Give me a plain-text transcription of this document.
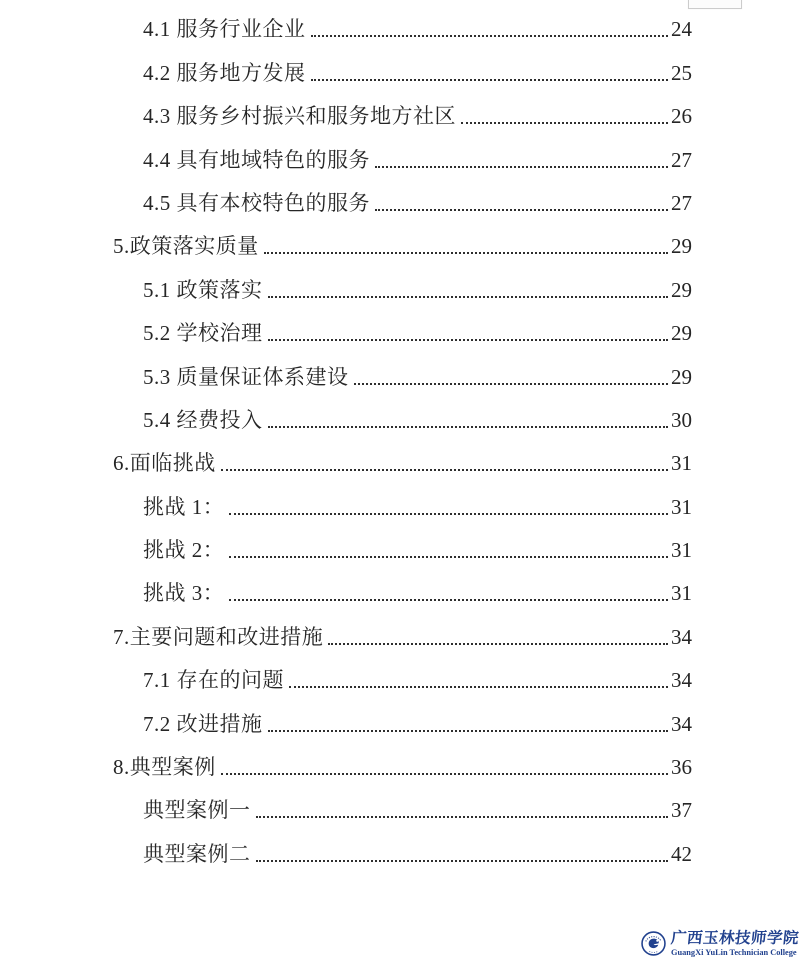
4.1 服务行业企业	24
4.2 服务地方发展	25
4.3 服务乡村振兴和服务地方社区	26
4.4 具有地域特色的服务	27
4.5 具有本校特色的服务	27
5.政策落实质量	29
5.1 政策落实	29
5.2 学校治理	29
5.3 质量保证体系建设	29
5.4 经费投入	30
6.面临挑战	31
挑战 1：	31
挑战 2：	31
挑战 3：	31
7.主要问题和改进措施	34
7.1 存在的问题	34
7.2 改进措施	34
8.典型案例	36
典型案例一	37
典型案例二	42
广西玉林技师学院
GuangXi YuLin Technician College
